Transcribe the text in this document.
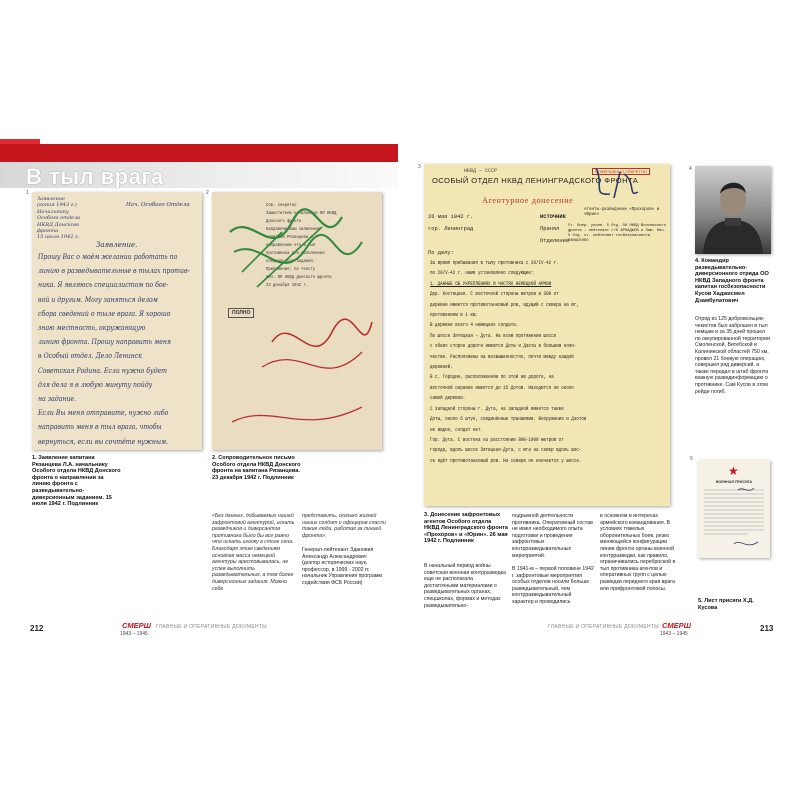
В тыл врага
1
Заявление
(копия 1943 г.)
Начальнику
Особого отдела
НКВД Донского
фронта
15 июля 1942 г.
Нач. Особого Отдела
Заявление.
Прошу Вас о моём желании работать по
линию в разведывательные в тылах против-
ника. Я являюсь специалистом по бое-
вой и другим. Могу заняться делом
сбора сведений о тыле врага. Я хорошо
знаю местность, окружающую
линию фронта. Прошу направить меня
в Особый отдел. Дело Ленинск
Советская Родина. Если нужно будет
для дела я в любую минуту пойду
на задание.
Если Вы меня отправите, нужно либо
направить меня в тыл врага, чтобы
вернуться, если вы сочтёте нужным.
1. Заявление капитана Рязанцева Л.А. начальнику Особого отдела НКВД Донского фронта о направлении за линию фронта с разведывательно-диверсионным заданием. 15 июля 1942 г. Подлинник
2
Сов. секретно
Заместителю начальника ОО НКВД
Донского фронта
Направляю Вам заявление
капитана Рязанцева о
направлении его в тыл
противника для выполнения
специального задания.
Приложение: по тексту
Нач. ОО НКВД Донского фронта
23 декабря 1942 г.
ПОЛНО
2. Сопроводительное письмо Особого отдела НКВД Донского фронта на капитана Рязанцева. 23 декабря 1942 г. Подлинник
«Без данных, добываемых нашей зафронтовой агентурой, искать разведчиков и диверсантов противника было бы все равно что искать иголку в стоге сена. Благодаря этим сведениям основная масса немецкой агентуры арестовывалась, не успев выполнить разведывательных, а тем более диверсионных задания. Можно себе
представить, сколько жизней наших солдат и офицеров спасли такие люди, работая за линией фронта».
Генерал-лейтенант Здановия Александр Александрович (доктор исторических наук, профессор, в 1999 - 2002 гг. начальник Управления программ содействия ФСБ России)
212	СМЕРШ
1943 – 1945
ГЛАВНЫЕ И ОПЕРАТИВНЫЕ ДОКУМЕНТЫ
3
СОВЕРШЕННО СЕКРЕТНО
НКВД – СССР
ОСОБЫЙ ОТДЕЛ НКВД ЛЕНИНГРАДСКОГО ФРОНТА
Агентурное донесение
26 мая 1942 г.
гор. Ленинград
ИСТОЧНИК
Агенты-разведчики «Прохоров» и «Юрин»
Принял
Отделение
Ст. Опер. уполн. 5 Отд. ОО НКВД Волховского фронта – лейтенант г/б АРКАДЬЕВ и Зам. Нач. 5 Отд. ст. лейтенант госбезопасности ПАНАСЕНКО
По делу:
За время пребывания в тылу противника с 20/IV-42 г.
по 20/V-42 г. нами установлено следующее:
1. ДАННЫЕ ОБ УКРЕПЛЕНИЯХ И ЧАСТЯХ НЕМЕЦКОЙ АРМИИ
Дер. Костецкая. С восточной стороны метров в 300 от
деревни имеется противотанковый ров, идущий с севера на юг,
протяжением в 1 км.
В деревне всего 4 немецких солдата.
По шоссе Зятецкая – Дуга. На всем протяжении шоссе
с обеих сторон дороги имеются Доты и Дзоты в большом коли-
честве. Расположены на возвышенностях, почти между каждой
деревней.
В с. Городин, расположенном по этой же дороге, на
восточной окраине имеется до 15 Дотов. Находится ли около
самой деревни.
С западной стороны г. Дуга, на западной имеется также
Доты, около 6 штук, соединённые траншеями. Вооружения и Дзотов
не видно, солдат нет.
Гор. Дуга. С востока на расстоянии 800-1000 метров от
города, вдоль шоссе Зятецкая-Дуга, с юга на север вдоль шос-
се идёт противотанковый ров. На севере он кончается у шоссе.
3. Донесение зафронтовых агентов Особого отдела НКВД Ленинградского фронта «Прохоров» и «Юрин». 26 мая 1942 г. Подлинник
В начальный период войны советская военная контрразведка еще не располагала достаточными материалами о разведывательных органах, спецшколах, формах и методах разведывательно-
подрывной деятельности противника. Оперативный состав не имел необходимого опыта подготовки и проведения зафронтовых контрразведывательных мероприятий.
В 1941-м – первой половине 1942 г. зафронтовые мероприятия особых отделов носили больше разведывательный, чем контрразведывательный характер и проводились
в основном в интересах армейского командования. В условиях тяжелых оборонительных боев, резко меняющейся конфигурации линии фронта органы военной контрразведки, как правило, ограничивались переброской в тыл противника агентов и оперативных групп с целью разведки переднего края врага или прифронтовой полосы.
4
4. Командир разведывательно-диверсионного отряда ОО НКВД Западного фронта капитан госбезопасности Кусов Хаджисмел Дзамбулатович
Отряд из 125 добровольцев-чекистов был заброшен в тыл немцам и за 35 дней прошел по оккупированной территории Смоленской, Витебской и Калининской областей 750 км, провел 21 боевую операцию, совершил ряд диверсий, а также передал в штаб фронта важную развединформацию о противнике. Сам Кусов в этом рейде погиб.
5
★
ВОЕННАЯ ПРИСЯГА
5. Лист присяги Х.Д. Кусова
ГЛАВНЫЕ И ОПЕРАТИВНЫЕ ДОКУМЕНТЫ СМЕРШ
1943 – 1945
213
